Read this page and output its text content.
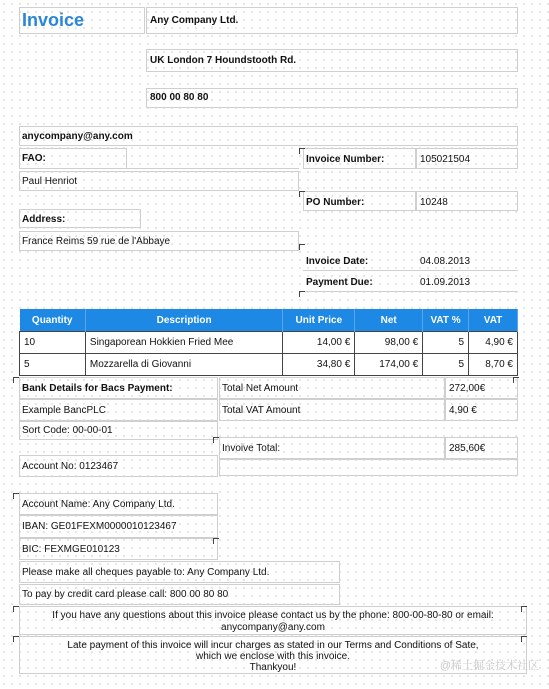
Invoice	Any Company Ltd.
UK London 7 Houndstooth Rd.
800 00 80 80
anycompany@any.com
FAO:
Paul Henriot
Address:
France Reims 59 rue de l'Abbaye
Invoice Number:	105021504
PO Number:	10248
Invoice Date:	04.08.2013
Payment Due:	01.09.2013
Quantity	Description	Unit Price	Net	VAT %	VAT
10	Singaporean Hokkien Fried Mee	14,00 €	98,00 €	5	4,90 €
5	Mozzarella di Giovanni	34,80 €	174,00 €	5	8,70 €
Bank Details for Bacs Payment:
Example BancPLC
Sort Code: 00-00-01
Account No: 0123467
Account Name: Any Company Ltd.
IBAN: GE01FEXM0000010123467
BIC: FEXMGE010123
Total Net Amount	272,00€
Total VAT Amount	4,90 €
Invoive Total:	285,60€
Please make all cheques payable to: Any Company Ltd.
To pay by credit card please call: 800 00 80 80
If you have any questions about this invoice please contact us by the phone: 800-00-80-80 or email:
anycompany@any.com
Late payment of this invoice will incur charges as stated in our Terms and Conditions of Sate,
which we enclose with this invoice.
Thankyou!	@稀土掘金技术社区
